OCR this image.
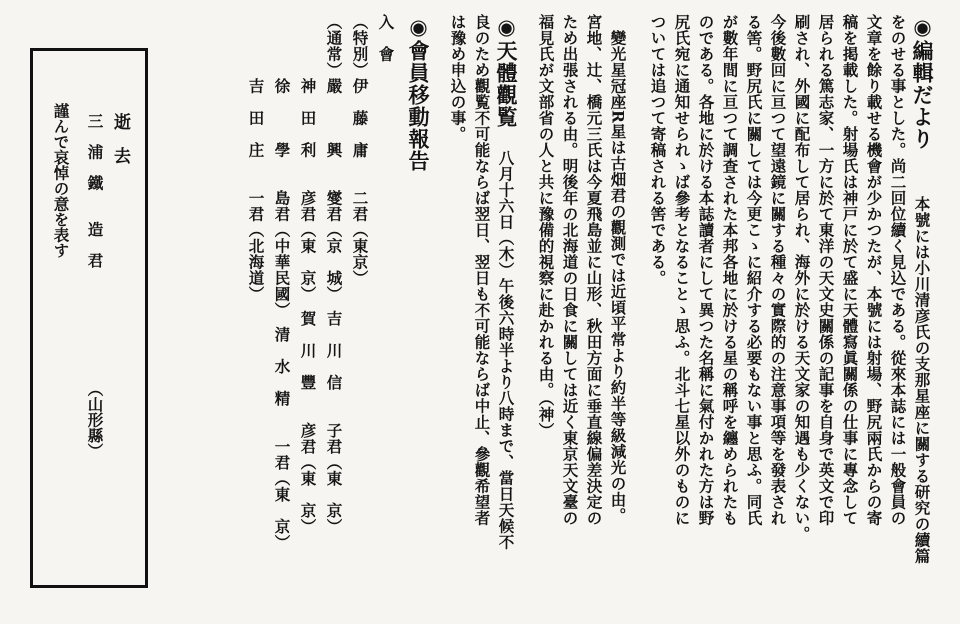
◉編輯だより
本號には小川清彦氏の支那星座に關する研究の續篇
をのせる事とした。尚二回位續く見込である。從來本誌には一般會員の
文章を餘り載せる機會が少かつたが、本號には射場、野尻兩氏からの寄
稿を掲載した。射場氏は神戸に於て盛に天體寫眞關係の仕事に專念して
居られる篤志家、一方に於て東洋の天文史關係の記事を自身で英文で印
刷され、外國に配布して居られ、海外に於ける天文家の知遇も少くない。
今後數回に亘つて望遠鏡に關する種々の實際的の注意事項等を發表され
る筈。野尻氏に關しては今更こゝに紹介する必要もない事と思ふ。同氏
が數年間に亘つて調査された本邦各地に於ける星の稱呼を纏められたも
のである。各地に於ける本誌讀者にして異つた名稱に氣付かれた方は野
尻氏宛に通知せられゝば參考となることゝ思ふ。北斗七星以外のものに
ついては追つて寄稿される筈である。
　變光星冠座R星は古畑君の觀測では近頃平常より約半等級減光の由。
宮地、辻、橋元三氏は今夏飛島並に山形、秋田方面に垂直線偏差決定の
ため出張される由。明後年の北海道の日食に關しては近く東京天文臺の
福見氏が文部省の人と共に豫備的視察に赴かれる由。（神）
◉天體觀覧
八月十六日（木）午後六時半より八時まで、當日天候不
良のため觀覧不可能ならば翌日、翌日も不可能ならば中止、參觀希望者
は豫め申込の事。
◉會員移動報告
入　會
（特別）伊　藤　庸　　二君（東京）
（通常）嚴　　　興　　燮君（京　城）　吉　川　信　　子君（東　京）
　　　　神　田　利　　彦君（東　京）　賀　川　豐　　彦君（東　京）
　　　　徐　　　學　　島君（中華民國）　清　水　精　　一君（東　京）
　　　　吉　田　庄　　一君（北海道）
逝　去
三　浦　鐵　　造　君
（山形縣）
謹んで哀悼の意を表す
